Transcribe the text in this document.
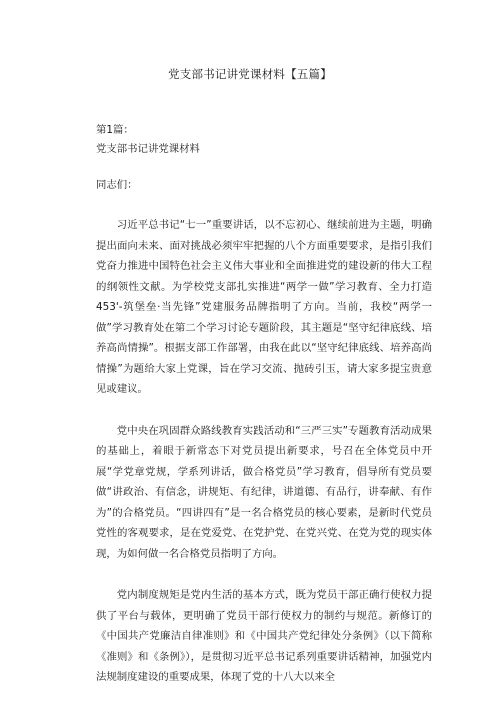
党支部书记讲党课材料【五篇】
第1篇：
党支部书记讲党课材料
同志们：

习近平总书记“七一”重要讲话，以不忘初心、继续前进为主题，明确提出面向未来、面对挑战必须牢牢把握的八个方面重要要求，是指引我们党奋力推进中国特色社会主义伟大事业和全面推进党的建设新的伟大工程的纲领性文献。为学校党支部扎实推进“两学一做”学习教育、全力打造453'-筑堡垒·当先锋”党建服务品牌指明了方向。当前，我校“两学一做”学习教育处在第二个学习讨论专题阶段，其主题是“坚守纪律底线、培养高尚情操”。根据支部工作部署，由我在此以“坚守纪律底线、培养高尚情操”为题给大家上党课，旨在学习交流、抛砖引玉，请大家多提宝贵意见或建议。

党中央在巩固群众路线教育实践活动和“三严三实”专题教育活动成果的基础上，着眼于新常态下对党员提出新要求，号召在全体党员中开展“学党章党规，学系列讲话，做合格党员”学习教育，倡导所有党员要做“讲政治、有信念，讲规矩、有纪律，讲道德、有品行，讲奉献、有作为”的合格党员。“四讲四有”是一名合格党员的核心要素，是新时代党员党性的客观要求，是在党爱党、在党护党、在党兴党、在党为党的现实体现，为如何做一名合格党员指明了方向。

党内制度规矩是党内生活的基本方式，既为党员干部正确行使权力提供了平台与载体，更明确了党员干部行使权力的制约与规范。新修订的《中国共产党廉洁自律准则》和《中国共产党纪律处分条例》（以下简称《准则》和《条例》），是贯彻习近平总书记系列重要讲话精神，加强党内法规制度建设的重要成果，体现了党的十八大以来全
